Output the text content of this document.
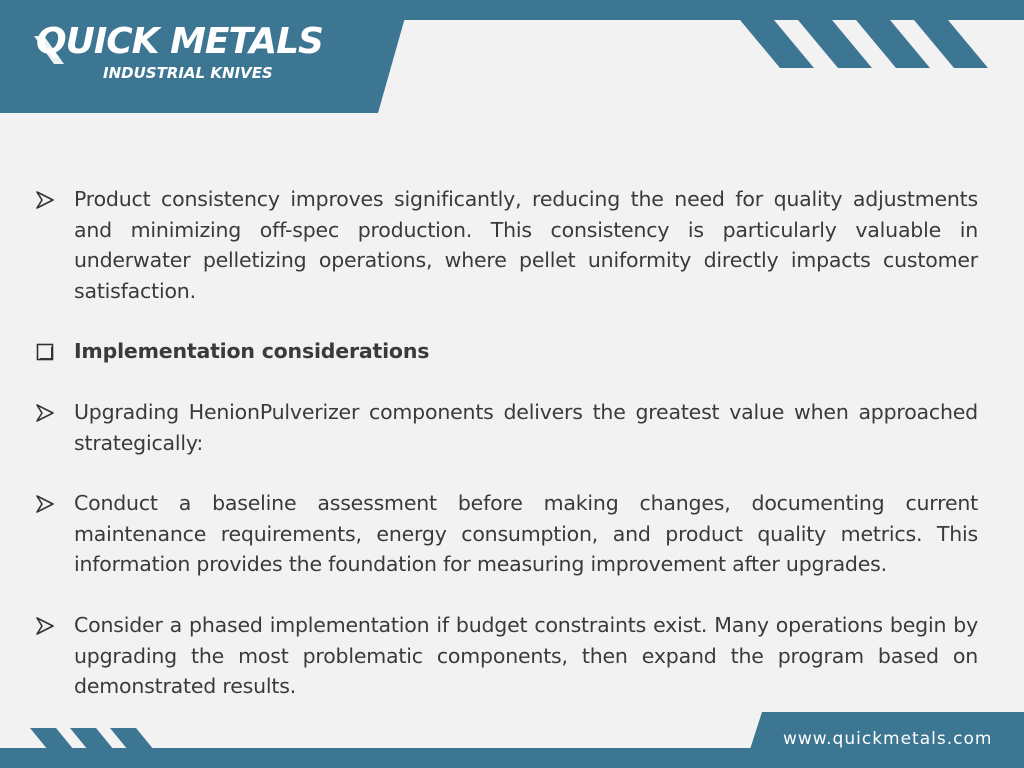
QUICK METALS
INDUSTRIAL KNIVES
Product consistency improves significantly, reducing the need for quality adjustments and minimizing off-spec production. This consistency is particularly valuable in underwater pelletizing operations, where pellet uniformity directly impacts customer satisfaction.
Implementation considerations
Upgrading HenionPulverizer components delivers the greatest value when approached strategically:
Conduct a baseline assessment before making changes, documenting current maintenance requirements, energy consumption, and product quality metrics. This information provides the foundation for measuring improvement after upgrades.
Consider a phased implementation if budget constraints exist. Many operations begin by upgrading the most problematic components, then expand the program based on demonstrated results.
www.quickmetals.com
